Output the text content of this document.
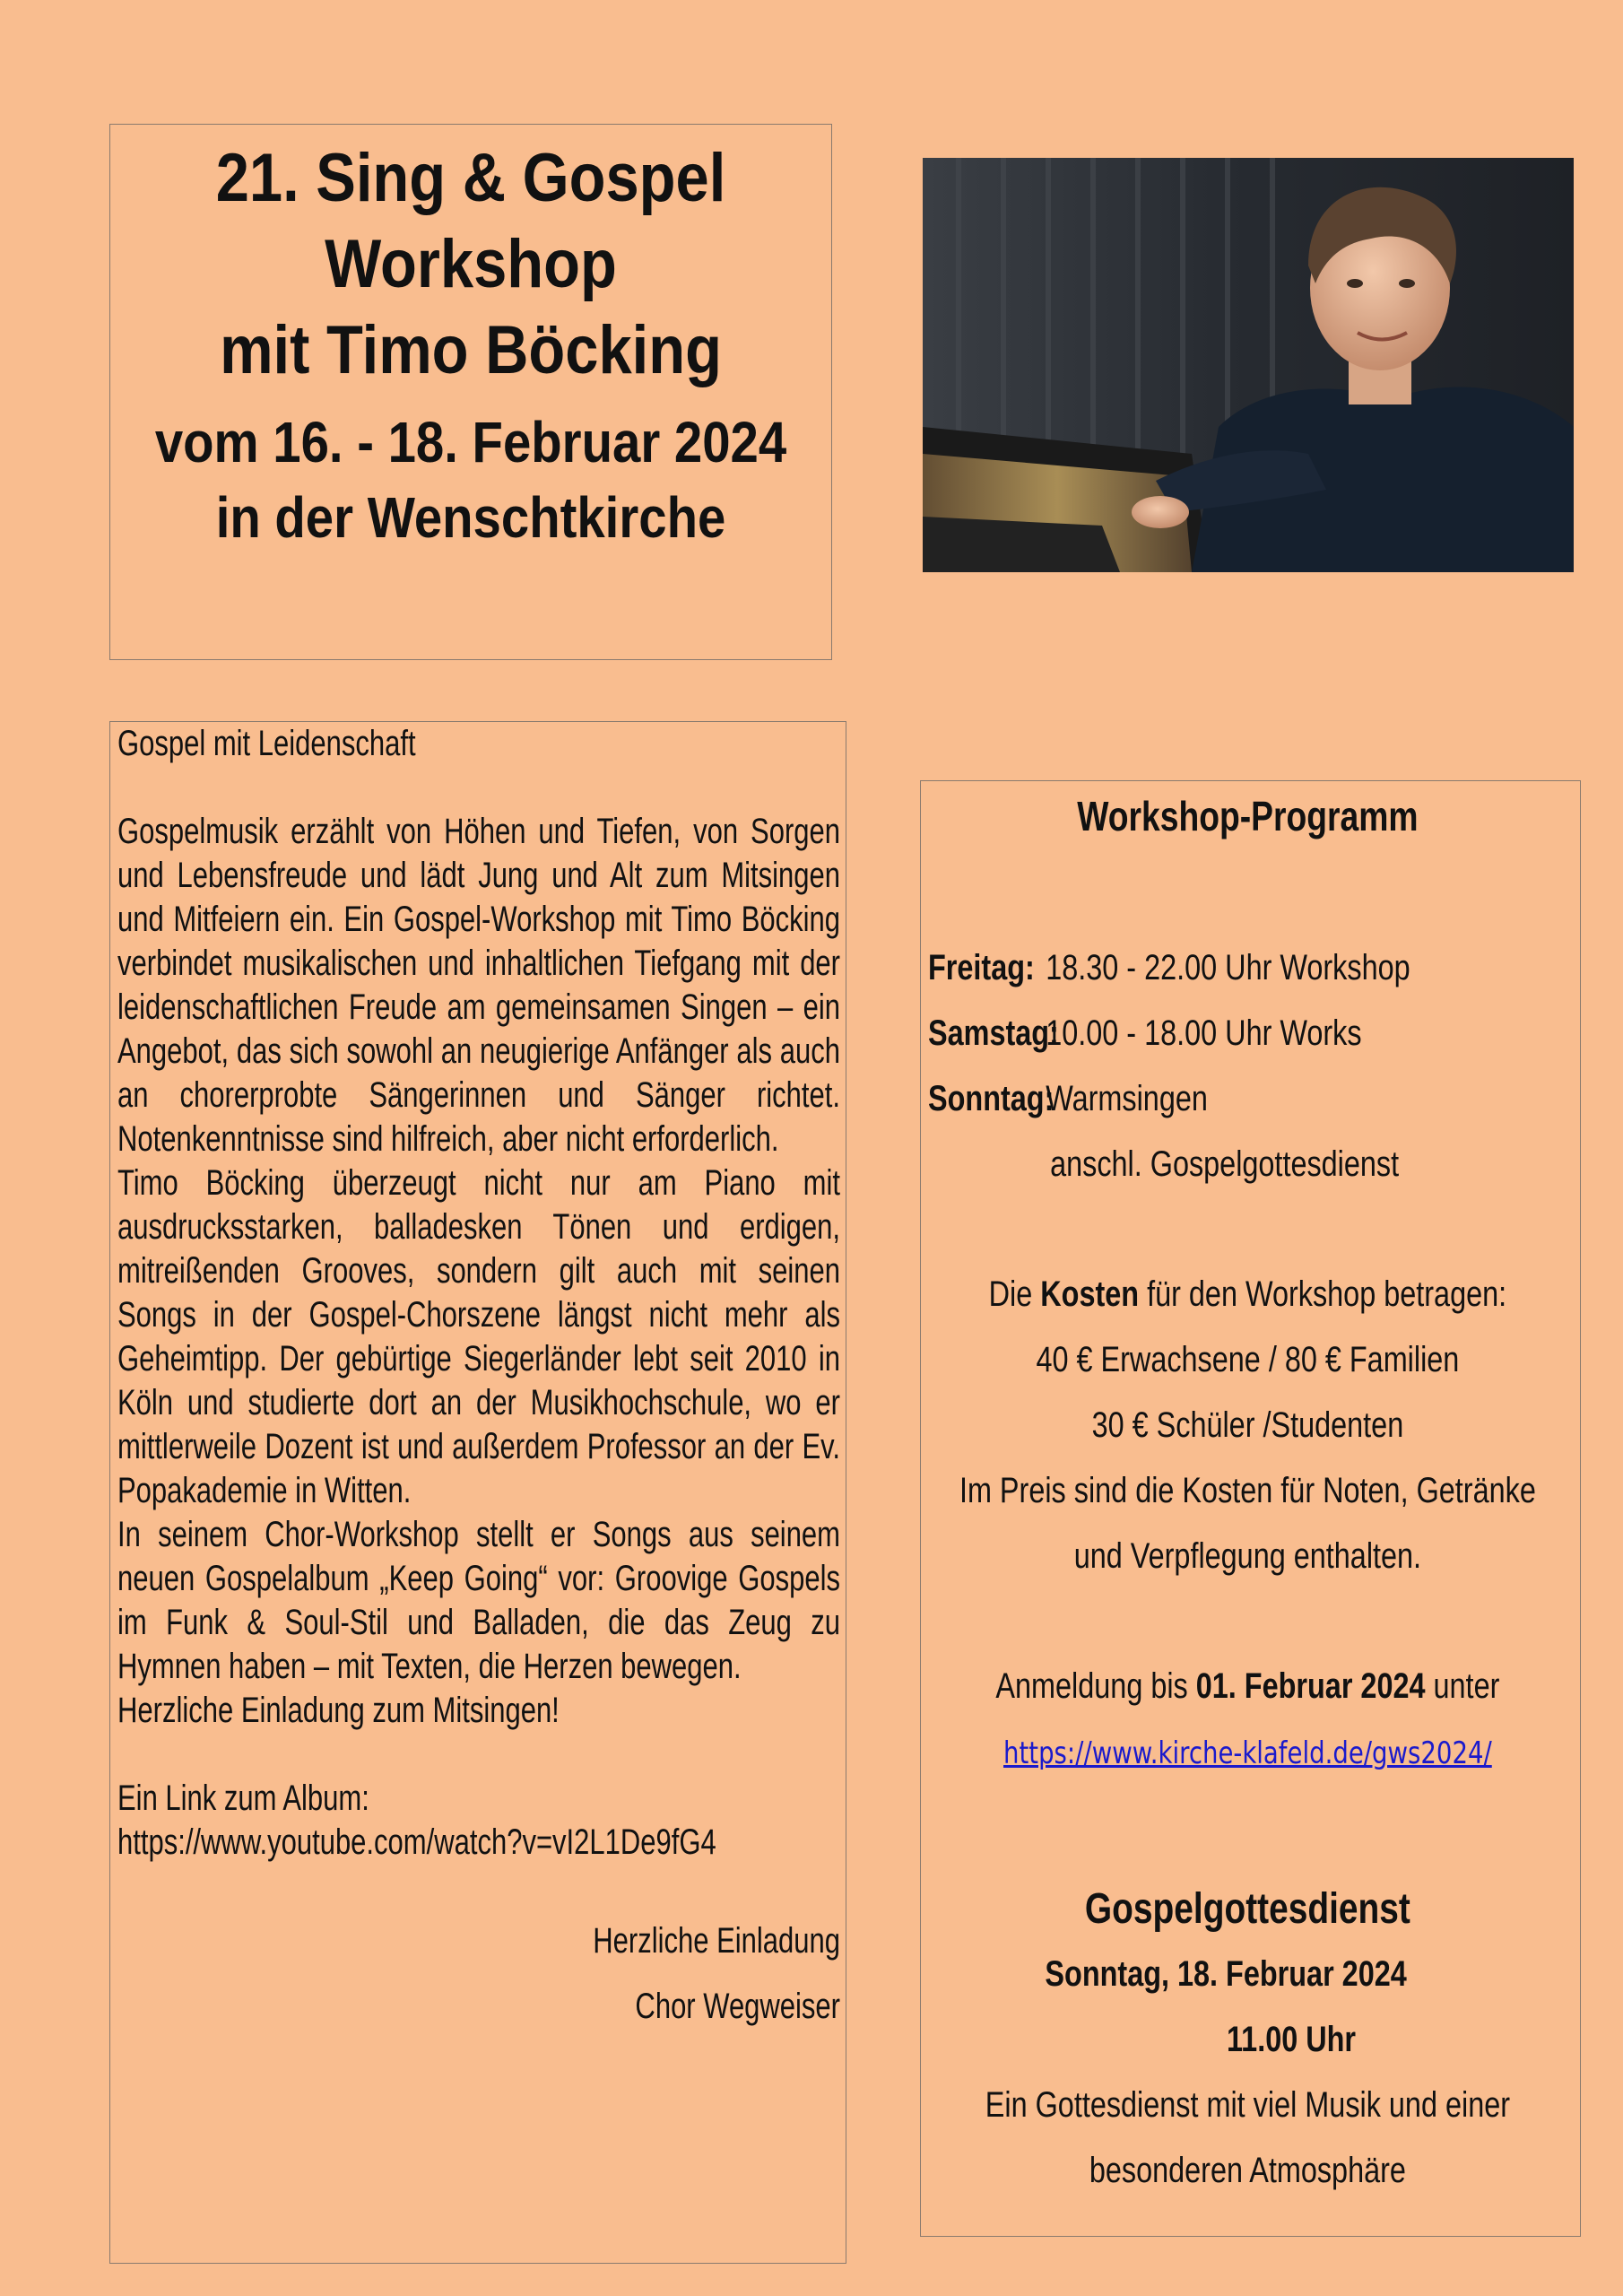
21. Sing & Gospel
Workshop
mit Timo Böcking
vom 16. - 18. Februar 2024
in der Wenschtkirche

Gospel mit Leidenschaft

Gospelmusik erzählt von Höhen und Tiefen, von Sorgen und Lebensfreude und lädt Jung und Alt zum Mitsingen und Mitfeiern ein. Ein Gospel-Workshop mit Timo Böcking verbindet musikalischen und inhaltlichen Tiefgang mit der leidenschaftlichen Freude am gemeinsamen Singen – ein Angebot, das sich sowohl an neugierige Anfänger als auch an chorerprobte Sängerinnen und Sänger richtet. Notenkenntnisse sind hilfreich, aber nicht erforderlich.

Timo Böcking überzeugt nicht nur am Piano mit ausdrucksstarken, balladesken Tönen und erdigen, mitreißenden Grooves, sondern gilt auch mit seinen Songs in der Gospel-Chorszene längst nicht mehr als Geheimtipp. Der gebürtige Siegerländer lebt seit 2010 in Köln und studierte dort an der Musikhochschule, wo er mittlerweile Dozent ist und außerdem Professor an der Ev. Popakademie in Witten.

In seinem Chor-Workshop stellt er Songs aus seinem neuen Gospelalbum „Keep Going“ vor: Groovige Gospels im Funk & Soul-Stil und Balladen, die das Zeug zu Hymnen haben – mit Texten, die Herzen bewegen.

Herzliche Einladung zum Mitsingen!

Ein Link zum Album:

https://www.youtube.com/watch?v=vI2L1De9fG4

Herzliche Einladung

Chor Wegweiser

Workshop-Programm
Freitag: 18.30 - 22.00 Uhr Workshop
Samstag:
10.00 - 18.00 Uhr Works
Sonntag:
Warmsingen
anschl. Gospelgottesdienst
Die Kosten für den Workshop betragen:
40 € Erwachsene / 80 € Familien
30 € Schüler /Studenten
Im Preis sind die Kosten für Noten, Getränke
und Verpflegung enthalten.
Anmeldung bis 01. Februar 2024 unter
https://www.kirche-klafeld.de/gws2024/
Gospelgottesdienst
Sonntag, 18. Februar 2024
11.00 Uhr
Ein Gottesdienst mit viel Musik und einer
besonderen Atmosphäre
